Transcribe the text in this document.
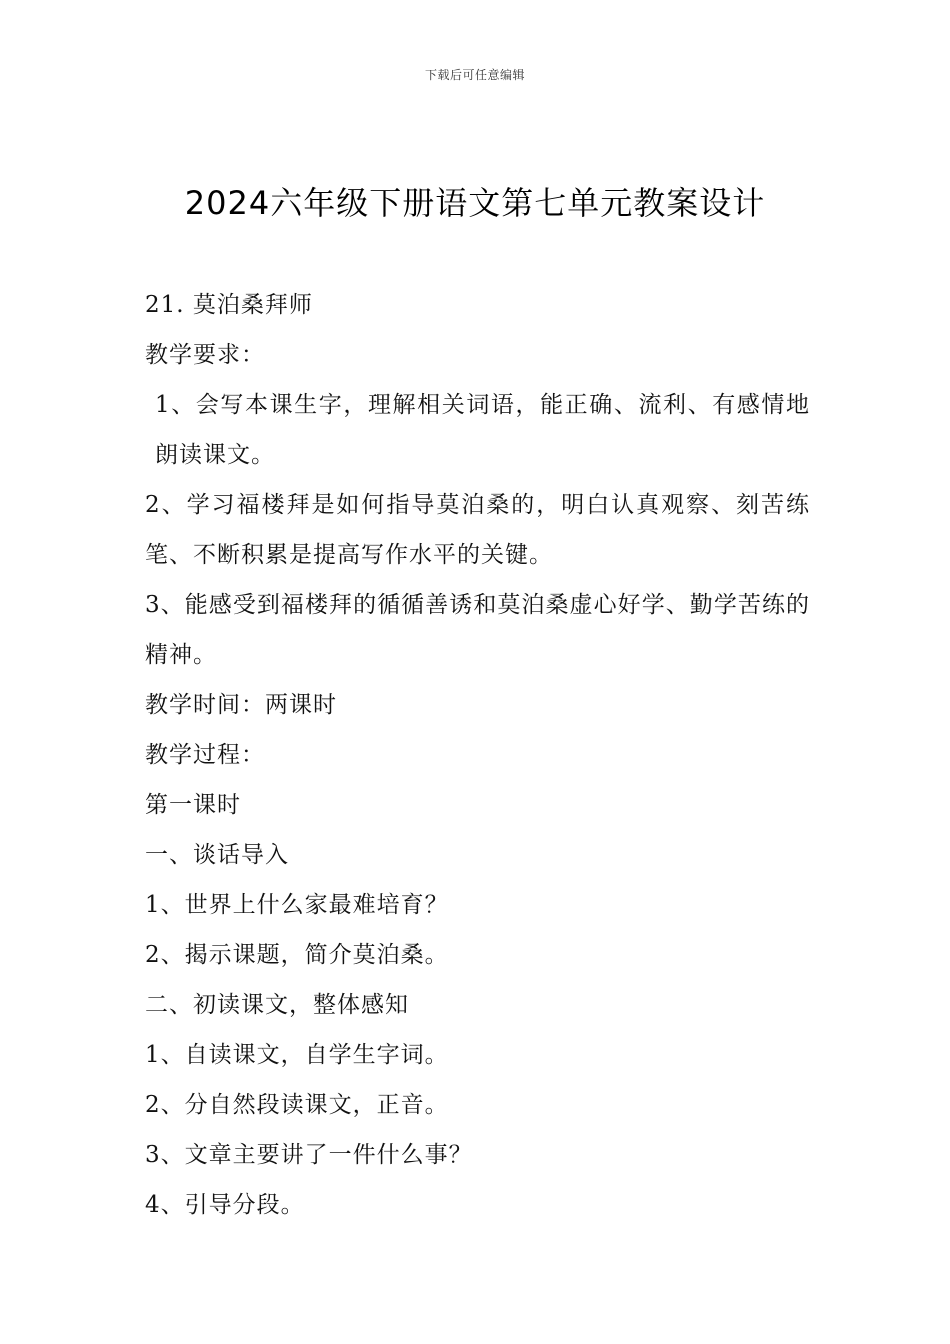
下载后可任意编辑
2024六年级下册语文第七单元教案设计
21. 莫泊桑拜师
教学要求：
1、会写本课生字，理解相关词语，能正确、流利、有感情地朗读课文。
2、学习福楼拜是如何指导莫泊桑的，明白认真观察、刻苦练笔、不断积累是提高写作水平的关键。
3、能感受到福楼拜的循循善诱和莫泊桑虚心好学、勤学苦练的精神。
教学时间：两课时
教学过程：
第一课时
一、谈话导入
1、世界上什么家最难培育？
2、揭示课题，简介莫泊桑。
二、初读课文，整体感知
1、自读课文，自学生字词。
2、分自然段读课文，正音。
3、文章主要讲了一件什么事？
4、引导分段。
